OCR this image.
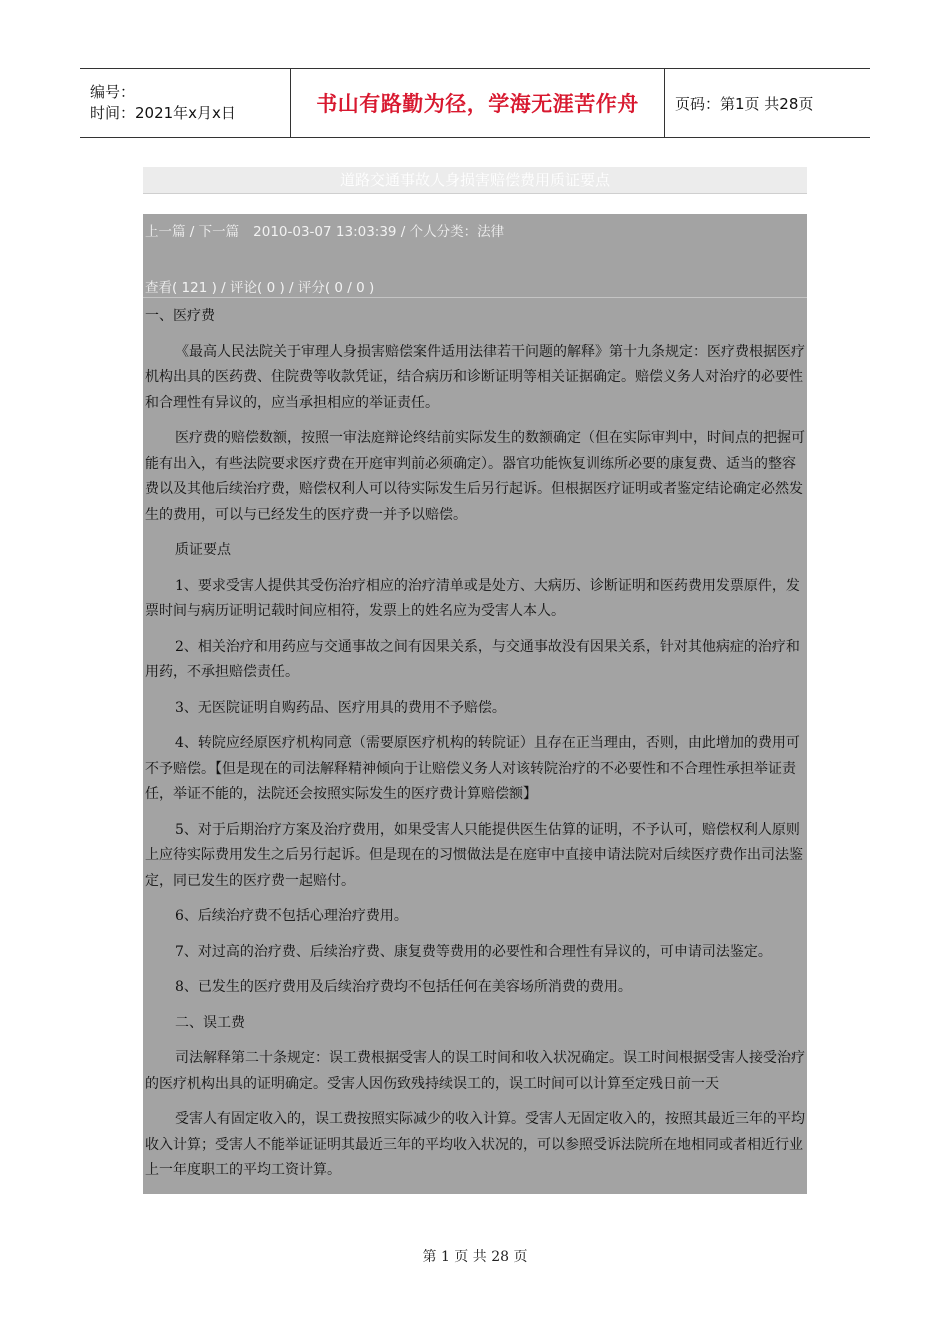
编号：
时间：2021年x月x日	书山有路勤为径，学海无涯苦作舟 页码：第1页 共28页
道路交通事故人身损害赔偿费用质证要点
上一篇 / 下一篇 2010-03-07 13:03:39 / 个人分类：法律
查看( 121 ) / 评论( 0 ) / 评分( 0 / 0 )

一、医疗费

《最高人民法院关于审理人身损害赔偿案件适用法律若干问题的解释》第十九条规定：医疗费根据医疗机构出具的医药费、住院费等收款凭证，结合病历和诊断证明等相关证据确定。赔偿义务人对治疗的必要性和合理性有异议的，应当承担相应的举证责任。

医疗费的赔偿数额，按照一审法庭辩论终结前实际发生的数额确定（但在实际审判中，时间点的把握可能有出入，有些法院要求医疗费在开庭审判前必须确定）。器官功能恢复训练所必要的康复费、适当的整容费以及其他后续治疗费，赔偿权利人可以待实际发生后另行起诉。但根据医疗证明或者鉴定结论确定必然发生的费用，可以与已经发生的医疗费一并予以赔偿。

质证要点

1、要求受害人提供其受伤治疗相应的治疗清单或是处方、大病历、诊断证明和医药费用发票原件，发票时间与病历证明记载时间应相符，发票上的姓名应为受害人本人。

2、相关治疗和用药应与交通事故之间有因果关系，与交通事故没有因果关系，针对其他病症的治疗和用药，不承担赔偿责任。

3、无医院证明自购药品、医疗用具的费用不予赔偿。

4、转院应经原医疗机构同意（需要原医疗机构的转院证）且存在正当理由，否则，由此增加的费用可不予赔偿。【但是现在的司法解释精神倾向于让赔偿义务人对该转院治疗的不必要性和不合理性承担举证责任，举证不能的，法院还会按照实际发生的医疗费计算赔偿额】

5、对于后期治疗方案及治疗费用，如果受害人只能提供医生估算的证明，不予认可，赔偿权利人原则上应待实际费用发生之后另行起诉。但是现在的习惯做法是在庭审中直接申请法院对后续医疗费作出司法鉴定，同已发生的医疗费一起赔付。

6、后续治疗费不包括心理治疗费用。

7、对过高的治疗费、后续治疗费、康复费等费用的必要性和合理性有异议的，可申请司法鉴定。

8、已发生的医疗费用及后续治疗费均不包括任何在美容场所消费的费用。

二、误工费

司法解释第二十条规定：误工费根据受害人的误工时间和收入状况确定。误工时间根据受害人接受治疗的医疗机构出具的证明确定。受害人因伤致残持续误工的，误工时间可以计算至定残日前一天

受害人有固定收入的，误工费按照实际减少的收入计算。受害人无固定收入的，按照其最近三年的平均收入计算；受害人不能举证证明其最近三年的平均收入状况的，可以参照受诉法院所在地相同或者相近行业上一年度职工的平均工资计算。

第 1 页 共 28 页
